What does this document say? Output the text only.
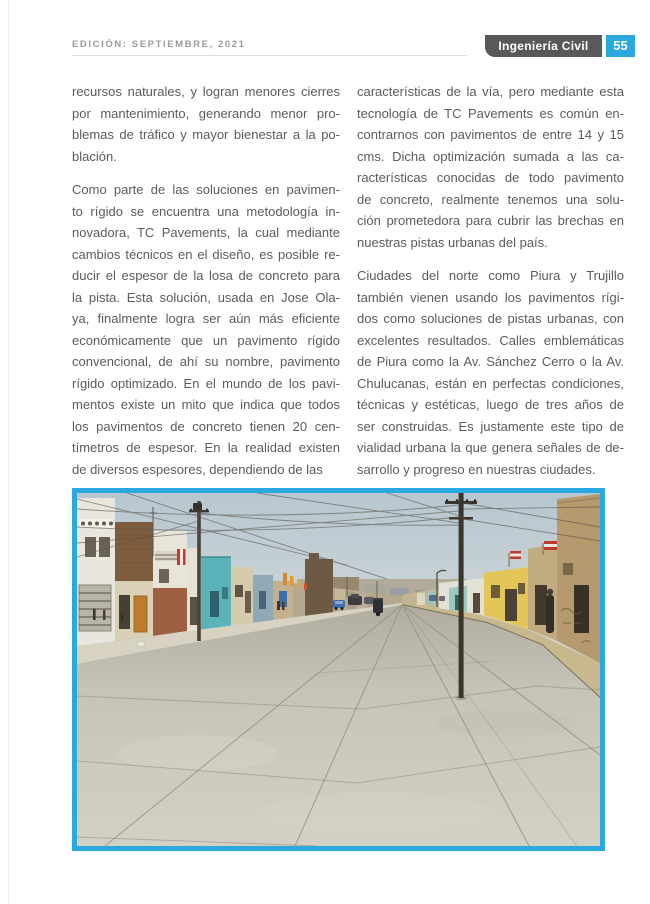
EDICIÓN: SEPTIEMBRE, 2021	Ingeniería Civil	55
recursos naturales, y logran menores cierres
por mantenimiento, generando menor pro-
blemas de tráfico y mayor bienestar a la po-
blación.
Como parte de las soluciones en pavimen-
to rígido se encuentra una metodología in-
novadora, TC Pavements, la cual mediante
cambios técnicos en el diseño, es posible re-
ducir el espesor de la losa de concreto para
la pista. Esta solución, usada en Jose Ola-
ya, finalmente logra ser aún más eficiente
económicamente que un pavimento rígido
convencional, de ahí su nombre, pavimento
rígido optimizado. En el mundo de los pavi-
mentos existe un mito que indica que todos
los pavimentos de concreto tienen 20 cen-
tímetros de espesor. En la realidad existen
de diversos espesores, dependiendo de las
características de la vía, pero mediante esta
tecnología de TC Pavements es común en-
contrarnos con pavimentos de entre 14 y 15
cms. Dicha optimización sumada a las ca-
racterísticas conocidas de todo pavimento
de concreto, realmente tenemos una solu-
ción prometedora para cubrir las brechas en
nuestras pistas urbanas del país.
Ciudades del norte como Piura y Trujillo
también vienen usando los pavimentos rígi-
dos como soluciones de pistas urbanas, con
excelentes resultados. Calles emblemáticas
de Piura como la Av. Sánchez Cerro o la Av.
Chulucanas, están en perfectas condiciones,
técnicas y estéticas, luego de tres años de
ser construidas. Es justamente este tipo de
vialidad urbana la que genera señales de de-
sarrollo y progreso en nuestras ciudades.
